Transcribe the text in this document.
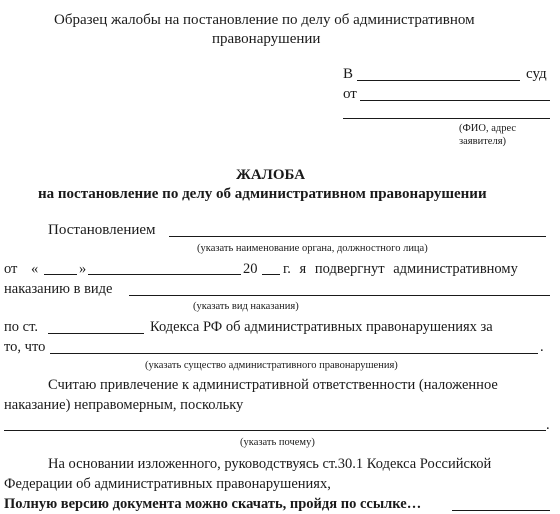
Образец жалобы на постановление по делу об административном
правонарушении
В	суд
от
(ФИО, адрес
заявителя)
ЖАЛОБА
на постановление по делу об административном правонарушении
Постановлением
(указать наименование органа, должностного лица)
от «	»	20 г. я подвергнут административному
наказанию в виде
(указать вид наказания)
по ст.	Кодекса РФ об административных правонарушениях за
то, что	.
(указать существо административного правонарушения)
Считаю привлечение к административной ответственности (наложенное
наказание) неправомерным, поскольку
.
(указать почему)
На основании изложенного, руководствуясь ст.30.1 Кодекса Российской
Федерации об административных правонарушениях,
Полную версию документа можно скачать, пройдя по ссылке…
